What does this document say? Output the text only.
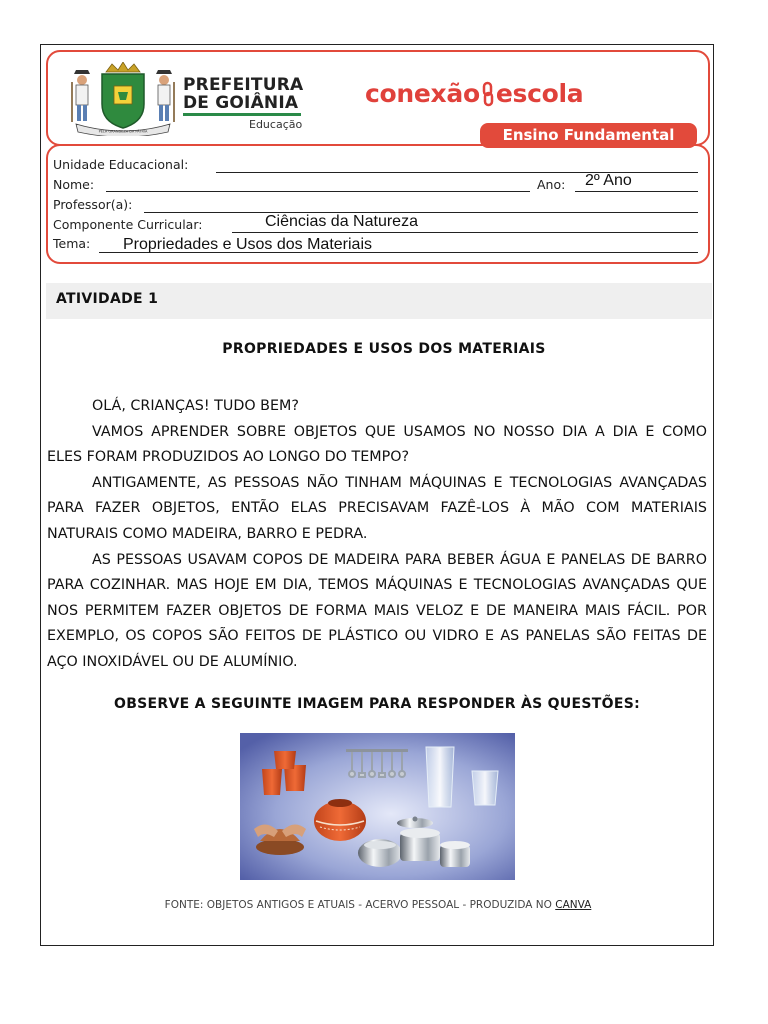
PELA GRANDEZA DA PÁTRIA
PREFEITURA
DE GOIÂNIA
Educação
conexão escola
Ensino Fundamental
Unidade Educacional:
Nome:	Ano: 2º Ano
Professor(a):
Componente Curricular:	Ciências da Natureza
Tema: Propriedades e Usos dos Materiais
ATIVIDADE 1
PROPRIEDADES E USOS DOS MATERIAIS

OLÁ, CRIANÇAS! TUDO BEM?

VAMOS APRENDER SOBRE OBJETOS QUE USAMOS NO NOSSO DIA A DIA E COMO ELES FORAM PRODUZIDOS AO LONGO DO TEMPO?

ANTIGAMENTE, AS PESSOAS NÃO TINHAM MÁQUINAS E TECNOLOGIAS AVANÇADAS PARA FAZER OBJETOS, ENTÃO ELAS PRECISAVAM FAZÊ-LOS À MÃO COM MATERIAIS NATURAIS COMO MADEIRA, BARRO E PEDRA.

AS PESSOAS USAVAM COPOS DE MADEIRA PARA BEBER ÁGUA E PANELAS DE BARRO PARA COZINHAR. MAS HOJE EM DIA, TEMOS MÁQUINAS E TECNOLOGIAS AVANÇADAS QUE NOS PERMITEM FAZER OBJETOS DE FORMA MAIS VELOZ E DE MANEIRA MAIS FÁCIL. POR EXEMPLO, OS COPOS SÃO FEITOS DE PLÁSTICO OU VIDRO E AS PANELAS SÃO FEITAS DE AÇO INOXIDÁVEL OU DE ALUMÍNIO.

OBSERVE A SEGUINTE IMAGEM PARA RESPONDER ÀS QUESTÕES:
FONTE: OBJETOS ANTIGOS E ATUAIS - ACERVO PESSOAL - PRODUZIDA NO CANVA
